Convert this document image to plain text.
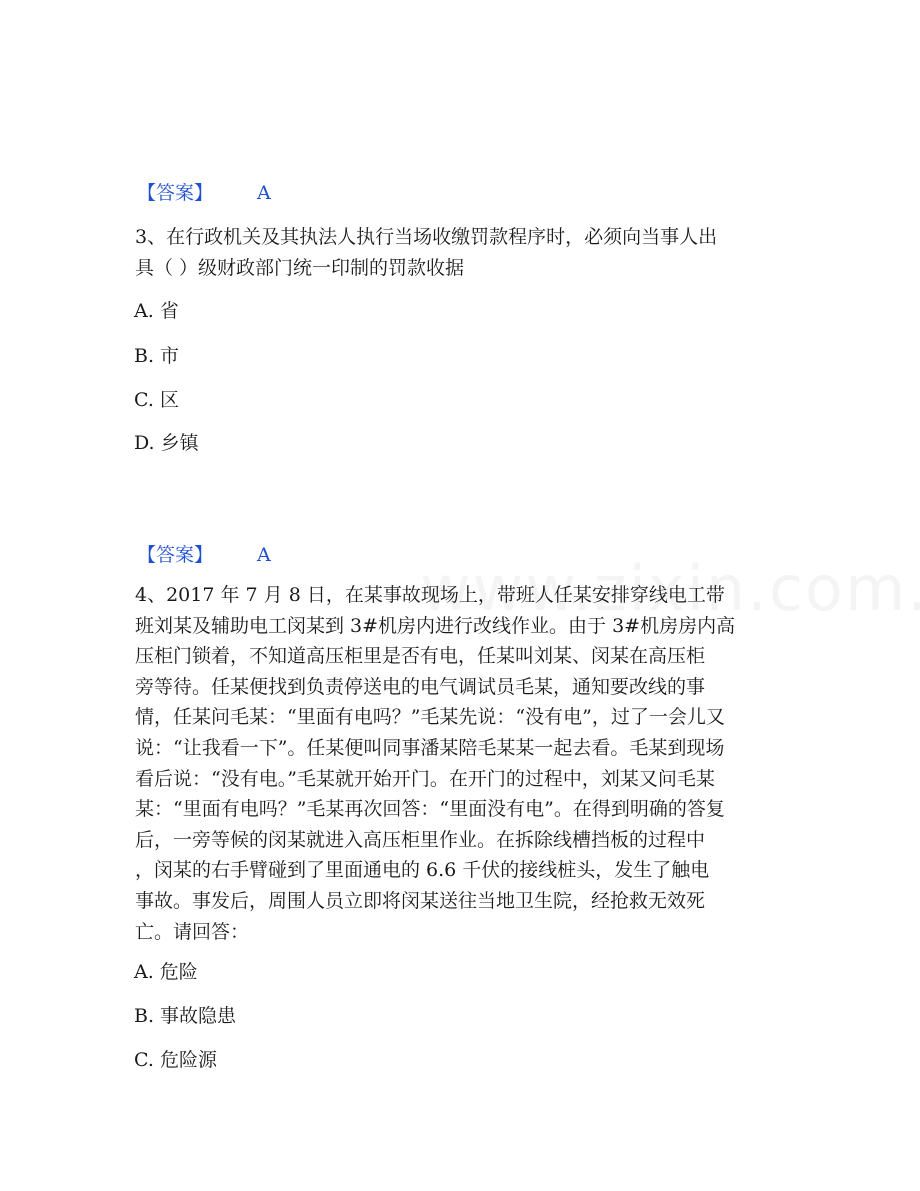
【答案】 A
3、在行政机关及其执法人执行当场收缴罚款程序时，必须向当事人出
具（ ）级财政部门统一印制的罚款收据
A. 省
B. 市
C. 区
D. 乡镇
【答案】 A
4、2017 年 7 月 8 日，在某事故现场上，带班人任某安排穿线电工带
班刘某及辅助电工闵某到 3#机房内进行改线作业。由于 3#机房房内高
压柜门锁着，不知道高压柜里是否有电，任某叫刘某、闵某在高压柜
旁等待。任某便找到负责停送电的电气调试员毛某，通知要改线的事
情，任某问毛某：“里面有电吗？”毛某先说：“没有电”，过了一会儿又
说：“让我看一下”。任某便叫同事潘某陪毛某某一起去看。毛某到现场
看后说：“没有电。”毛某就开始开门。在开门的过程中，刘某又问毛某
某：“里面有电吗？”毛某再次回答：“里面没有电”。在得到明确的答复
后，一旁等候的闵某就进入高压柜里作业。在拆除线槽挡板的过程中
，闵某的右手臂碰到了里面通电的 6.6 千伏的接线桩头，发生了触电
事故。事发后，周围人员立即将闵某送往当地卫生院，经抢救无效死
亡。请回答：
A. 危险
B. 事故隐患
C. 危险源
